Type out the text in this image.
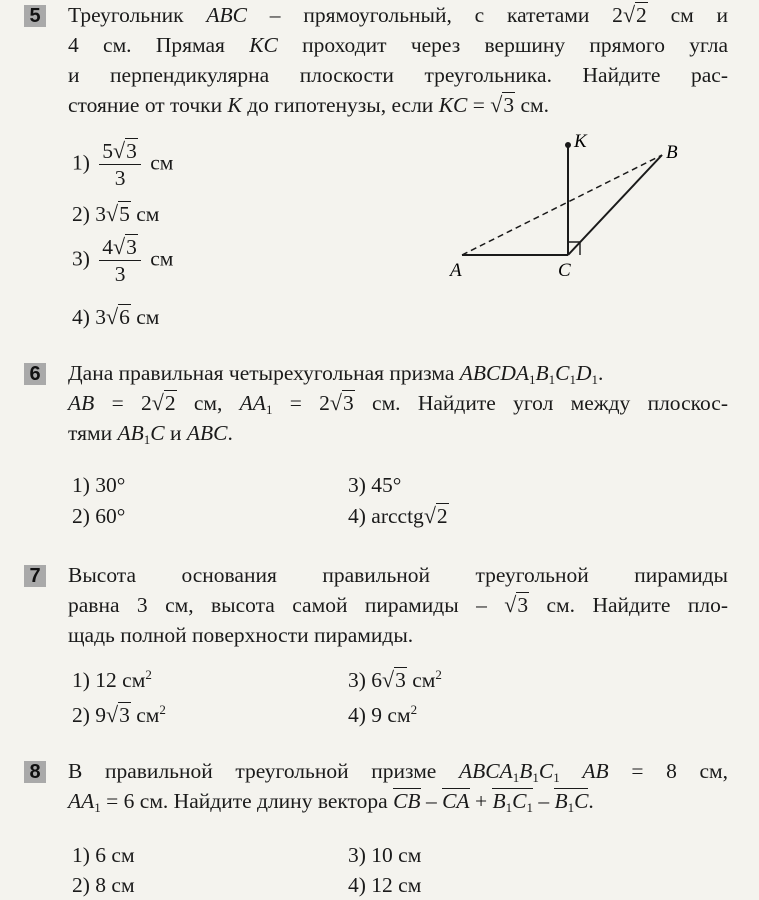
5 Треугольник ABC – прямоугольный, с катетами 2√2 см и
4 см. Прямая KC проходит через вершину прямого угла
и перпендикулярна плоскости треугольника. Найдите рас-
стояние от точки K до гипотенузы, если KC = √3 см.
$1) \frac{5√3}{3}$ см
2) 3√5 см
$3) \frac{4√3}{3}$ см
4) 3√6 см
K
B
A	C
6 Дана правильная четырехугольная призма $ABCDA_1B_1C_1D_1$.
AB = 2√2 см, $AA_1 = 2√3$ см. Найдите угол между плоскос-
тями $AB_1C$ и ABC.
1) 30°
2) 60°
3) 45°
4) arcctg√2
7 Высота основания правильной треугольной пирамиды
равна 3 см, высота самой пирамиды – √3 см. Найдите пло-
щадь полной поверхности пирамиды.
1) 12 $см^2$
2) 9√3 $см^2$
3) 6√3 $см^2$
4) 9 $см^2$
8 В правильной треугольной призме $ABCA_1B_1C_1$ AB = 8 см,
$AA_1 = 6$ см. Найдите длину вектора CB – CA + $B_1C_1 - B_1C$.
1) 6 см
2) 8 см
3) 10 см
4) 12 см
